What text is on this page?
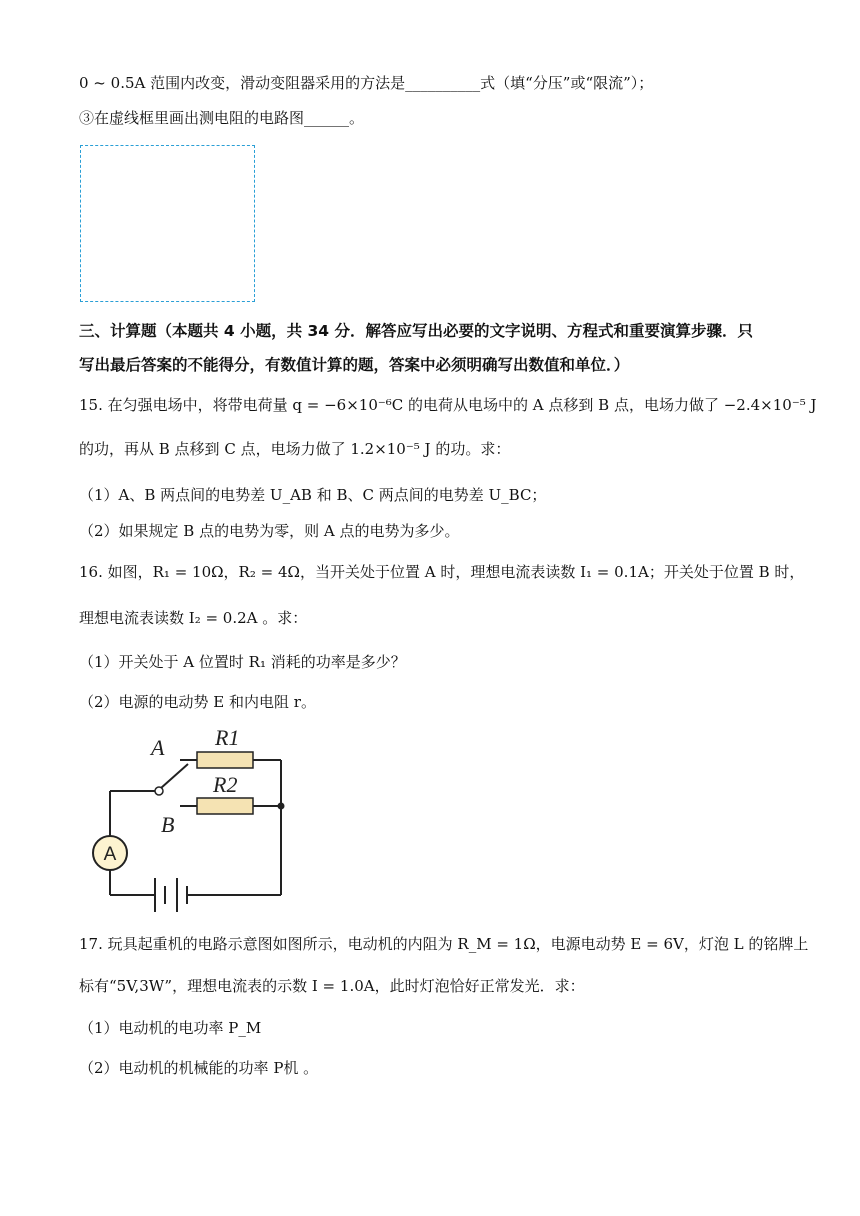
0 ~ 0.5A 范围内改变，滑动变阻器采用的方法是__________式（填“分压”或“限流”）；
③在虚线框里画出测电阻的电路图______。
三、计算题（本题共 4 小题，共 34 分．解答应写出必要的文字说明、方程式和重要演算步骤．只
写出最后答案的不能得分，有数值计算的题，答案中必须明确写出数值和单位．）
15. 在匀强电场中，将带电荷量 q = −6×10⁻⁶C 的电荷从电场中的 A 点移到 B 点，电场力做了 −2.4×10⁻⁵ J
的功，再从 B 点移到 C 点，电场力做了 1.2×10⁻⁵ J 的功。求：
（1）A、B 两点间的电势差 U_AB 和 B、C 两点间的电势差 U_BC；
（2）如果规定 B 点的电势为零，则 A 点的电势为多少。
16. 如图，R₁ = 10Ω，R₂ = 4Ω，当开关处于位置 A 时，理想电流表读数 I₁ = 0.1A；开关处于位置 B 时，
理想电流表读数 I₂ = 0.2A 。求：
（1）开关处于 A 位置时 R₁ 消耗的功率是多少？
（2）电源的电动势 E 和内电阻 r。
A
A
B
R1
R2
17. 玩具起重机的电路示意图如图所示，电动机的内阻为 R_M = 1Ω，电源电动势 E = 6V，灯泡 L 的铭牌上
标有“5V,3W”，理想电流表的示数 I = 1.0A，此时灯泡恰好正常发光．求：
（1）电动机的电功率 P_M
（2）电动机的机械能的功率 P机 。
